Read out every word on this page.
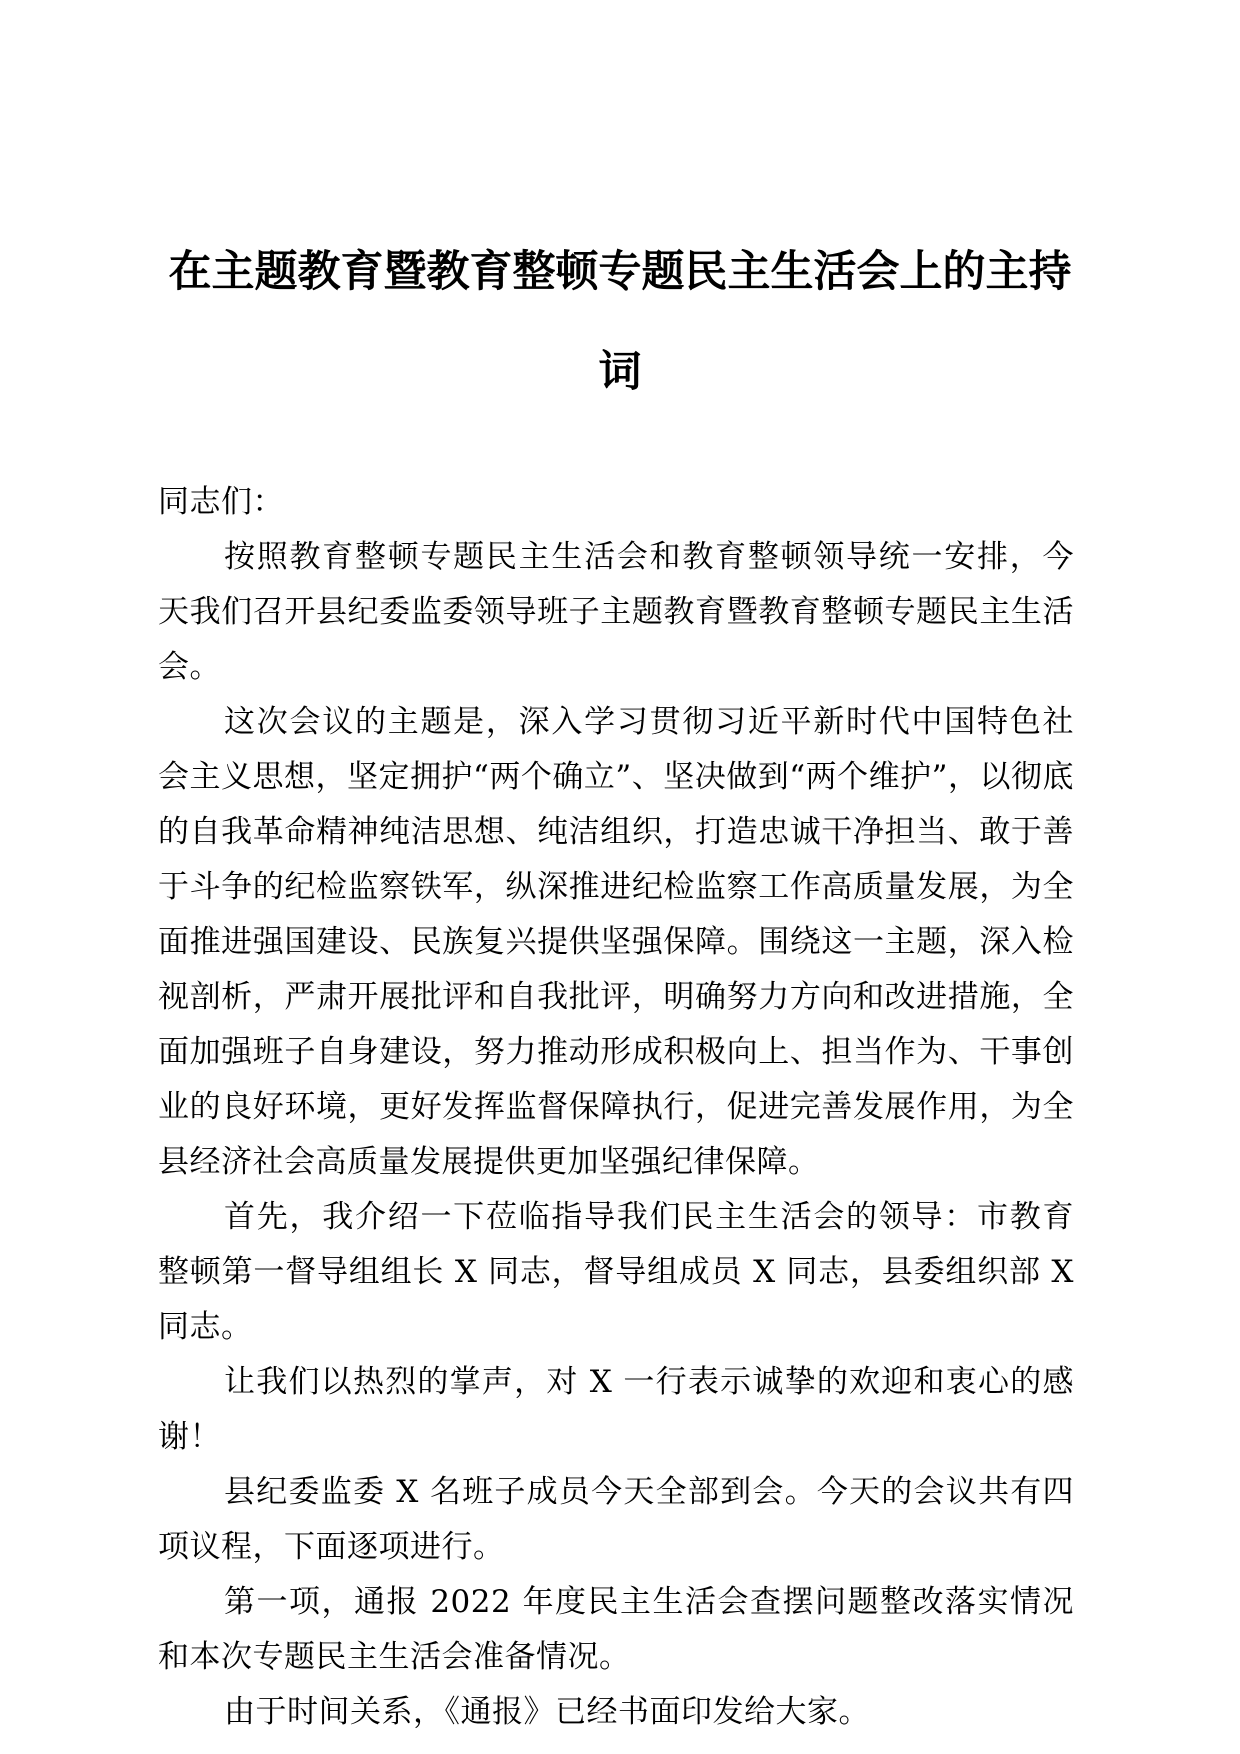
在主题教育暨教育整顿专题民主生活会上的主持词

同志们：

按照教育整顿专题民主生活会和教育整顿领导统一安排，今天我们召开县纪委监委领导班子主题教育暨教育整顿专题民主生活会。

这次会议的主题是，深入学习贯彻习近平新时代中国特色社会主义思想，坚定拥护“两个确立”、坚决做到“两个维护”，以彻底的自我革命精神纯洁思想、纯洁组织，打造忠诚干净担当、敢于善于斗争的纪检监察铁军，纵深推进纪检监察工作高质量发展，为全面推进强国建设、民族复兴提供坚强保障。围绕这一主题，深入检视剖析，严肃开展批评和自我批评，明确努力方向和改进措施，全面加强班子自身建设，努力推动形成积极向上、担当作为、干事创业的良好环境，更好发挥监督保障执行，促进完善发展作用，为全县经济社会高质量发展提供更加坚强纪律保障。

首先，我介绍一下莅临指导我们民主生活会的领导：市教育整顿第一督导组组长 X 同志，督导组成员 X 同志，县委组织部 X 同志。

让我们以热烈的掌声，对 X 一行表示诚挚的欢迎和衷心的感谢！

县纪委监委 X 名班子成员今天全部到会。今天的会议共有四项议程，下面逐项进行。

第一项，通报 2022 年度民主生活会查摆问题整改落实情况和本次专题民主生活会准备情况。

由于时间关系，《通报》已经书面印发给大家。
